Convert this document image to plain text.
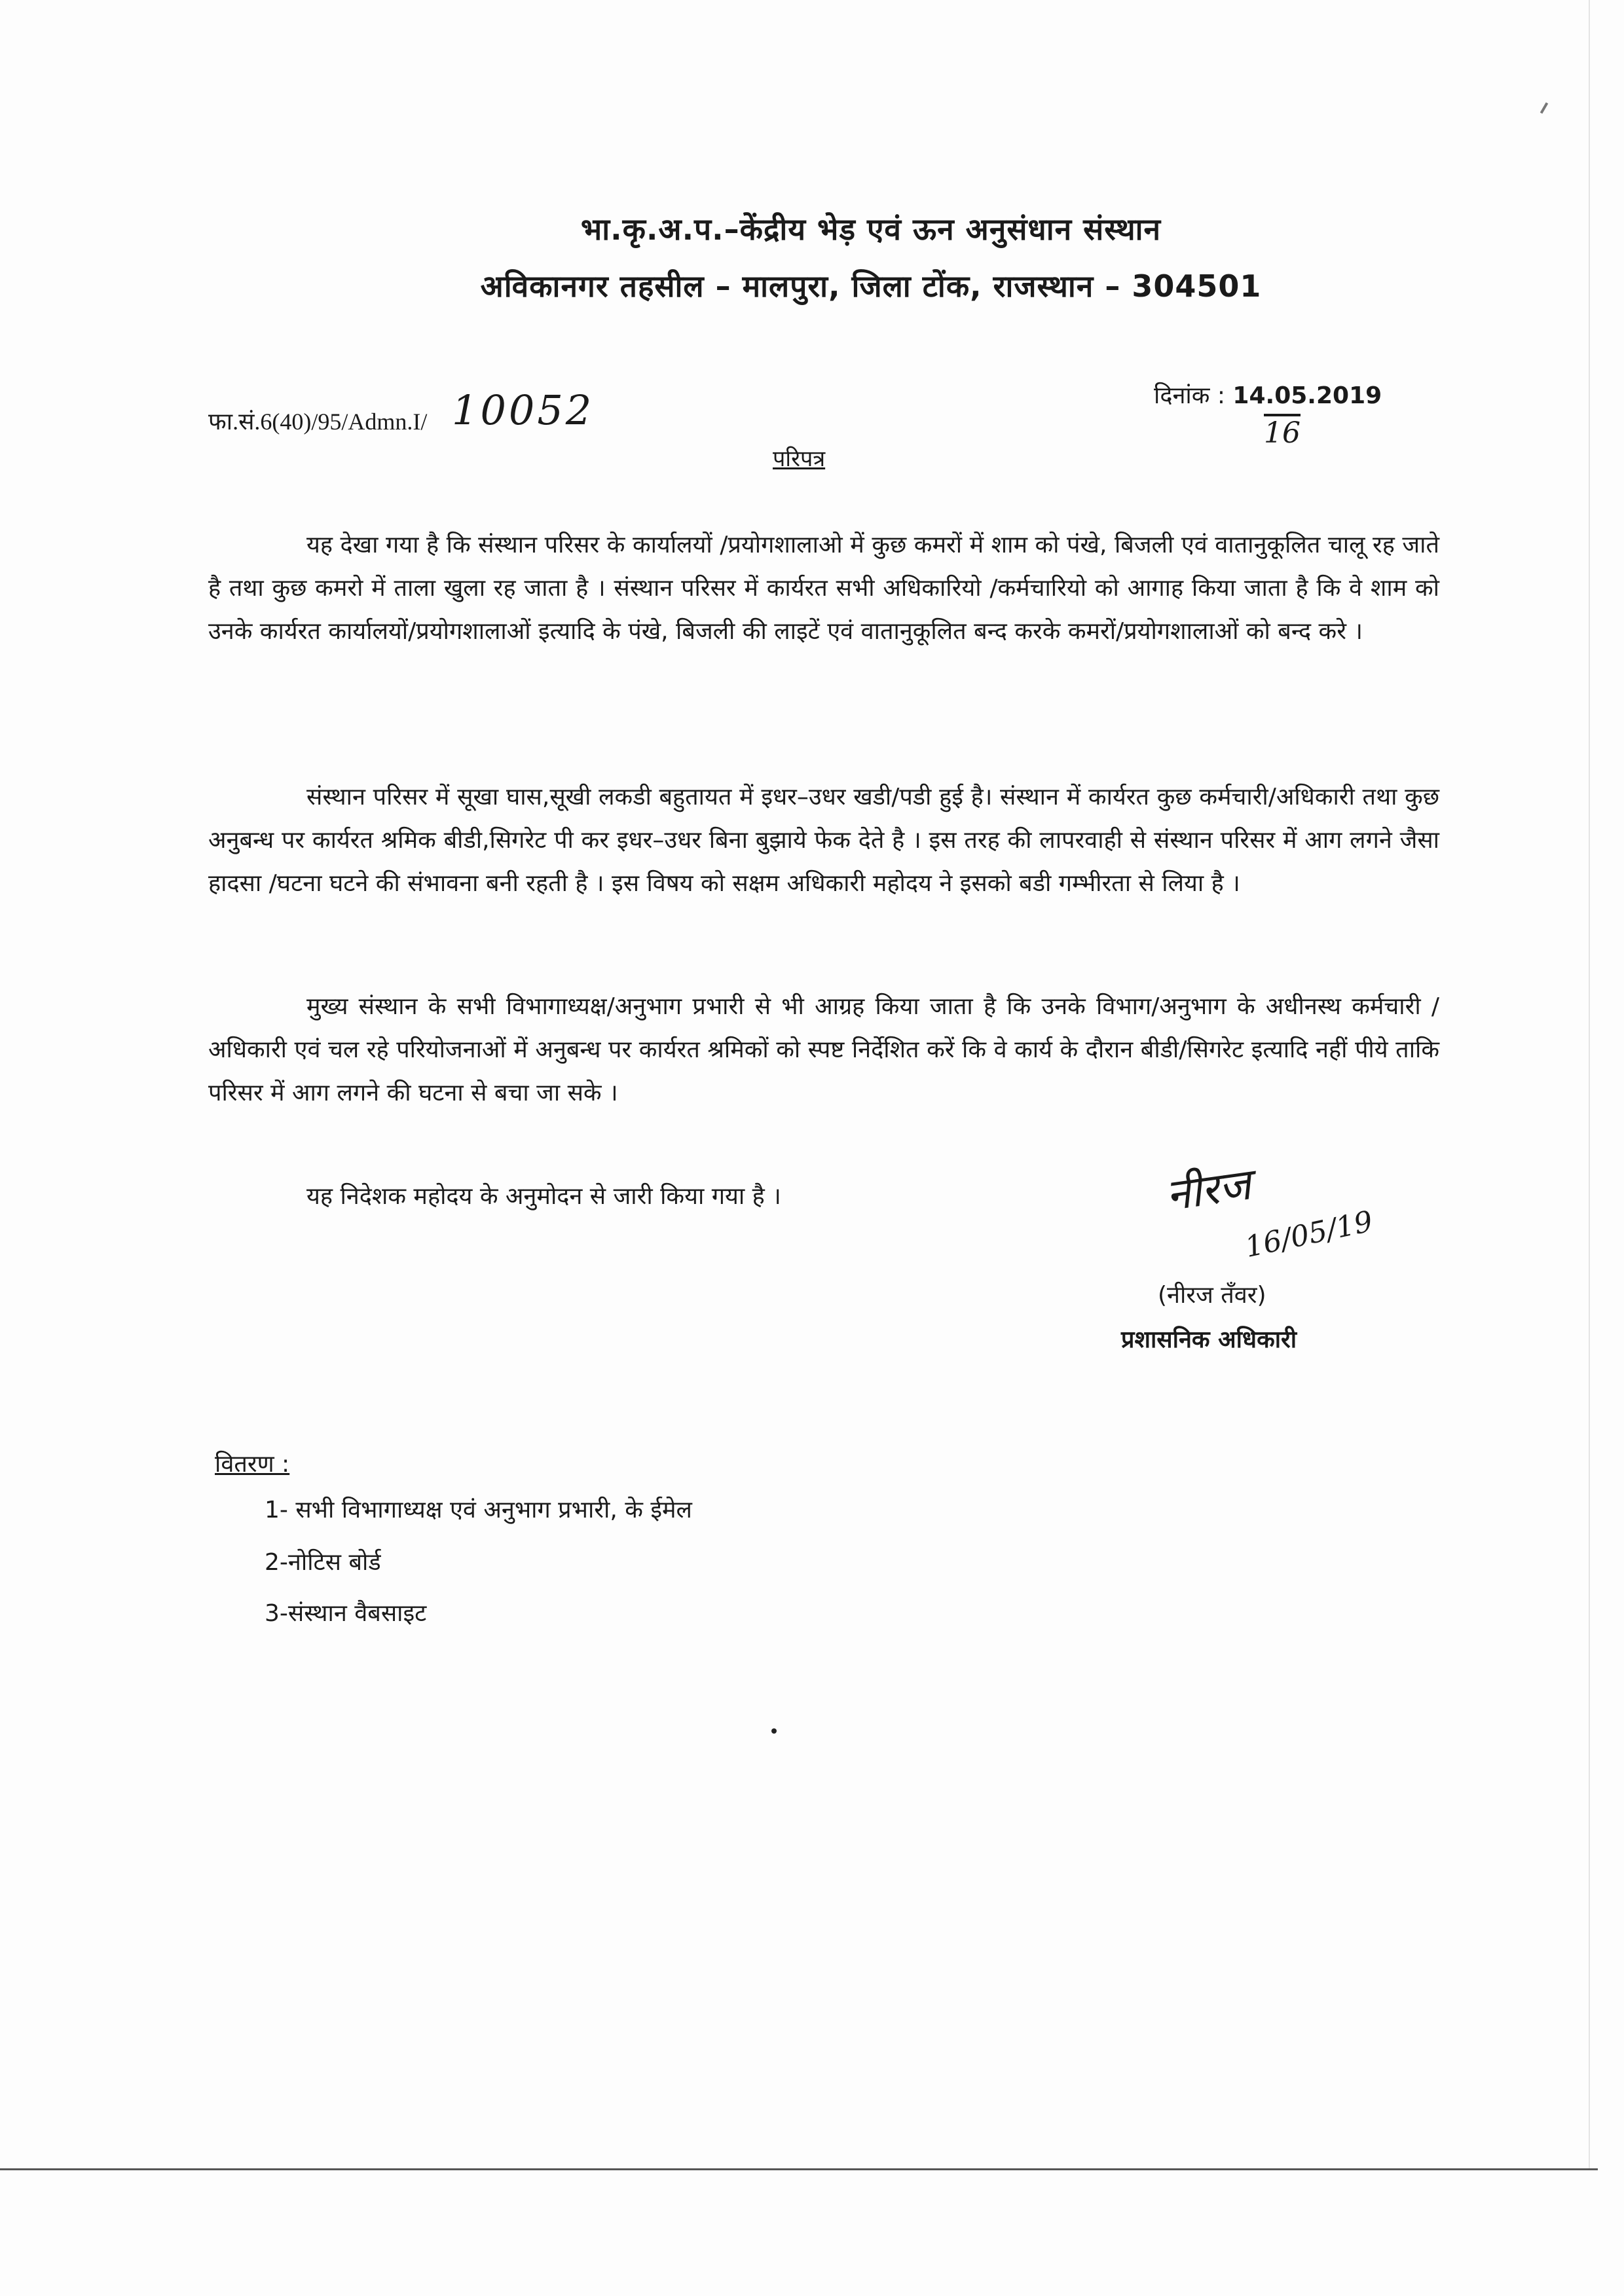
भा.कृ.अ.प.–केंद्रीय भेड़ एवं ऊन अनुसंधान संस्थान
अविकानगर तहसील – मालपुरा, जिला टोंक, राजस्थान – 304501
फा.सं.6(40)/95/Admn.I/ 10052	दिनांक : 14.05.2019
16
परिपत्र
यह देखा गया है कि संस्थान परिसर के कार्यालयों /प्रयोगशालाओ में कुछ कमरों में शाम को पंखे, बिजली एवं वातानुकूलित चालू रह जाते है तथा कुछ कमरो में ताला खुला रह जाता है । संस्थान परिसर में कार्यरत सभी अधिकारियो /कर्मचारियो को आगाह किया जाता है कि वे शाम को उनके कार्यरत कार्यालयों/प्रयोगशालाओं इत्यादि के पंखे, बिजली की लाइटें एवं वातानुकूलित बन्द करके कमरों/प्रयोगशालाओं को बन्द करे ।
संस्थान परिसर में सूखा घास,सूखी लकडी बहुतायत में इधर–उधर खडी/पडी हुई है। संस्थान में कार्यरत कुछ कर्मचारी/अधिकारी तथा कुछ अनुबन्ध पर कार्यरत श्रमिक बीडी,सिगरेट पी कर इधर–उधर बिना बुझाये फेक देते है । इस तरह की लापरवाही से संस्थान परिसर में आग लगने जैसा हादसा /घटना घटने की संभावना बनी रहती है । इस विषय को सक्षम अधिकारी महोदय ने इसको बडी गम्भीरता से लिया है ।
मुख्य संस्थान के सभी विभागाध्यक्ष/अनुभाग प्रभारी से भी आग्रह किया जाता है कि उनके विभाग/अनुभाग के अधीनस्थ कर्मचारी /अधिकारी एवं चल रहे परियोजनाओं में अनुबन्ध पर कार्यरत श्रमिकों को स्पष्ट निर्देशित करें कि वे कार्य के दौरान बीडी/सिगरेट इत्यादि नहीं पीये ताकि परिसर में आग लगने की घटना से बचा जा सके ।
यह निदेशक महोदय के अनुमोदन से जारी किया गया है ।	नीरज
16/05/19
(नीरज तँवर)
प्रशासनिक अधिकारी
वितरण :
1- सभी विभागाध्यक्ष एवं अनुभाग प्रभारी, के ईमेल
2-नोटिस बोर्ड
3-संस्थान वैबसाइट
